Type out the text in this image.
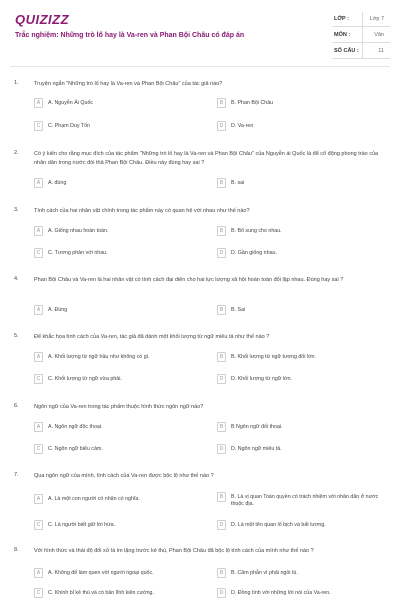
QUIZIZZ
Trắc nghiệm: Những trò lố hay là Va-ren và Phan Bội Châu có đáp án
LỚP :	Lớp 7
MÔN :	Văn
SỐ CÂU :	11
1.	Truyện ngắn "Những trò lố hay là Va-ren và Phan Bội Châu" của tác giả nào?
A	A. Nguyễn Ái Quốc	B	B. Phan Bội Châu
C	C. Phạm Duy Tốn	D	D. Va-ren
2.	Có ý kiến cho rằng mục đích của tác phẩm "Những trò lố hay là Va-ren và Phan Bội Châu" của Nguyễn ái Quốc là để cổ động phong trào của nhân dân trong nước đòi thả Phan Bội Châu. Điều này đúng hay sai ?
A	A. đúng	B	B. sai
3.	Tính cách của hai nhân vật chính trong tác phẩm này có quan hệ với nhau như thế nào?
A	A. Giống nhau hoàn toàn.	B	B. Bổ sung cho nhau.
C	C. Tương phản với nhau.	D	D. Gần giống nhau.
4.	Phan Bội Châu và Va-ren là hai nhân vật có tính cách đại diện cho hai lực lượng xã hội hoàn toàn đối lập nhau. Đúng hay sai ?
A	A. Đúng	B	B. Sai
5.	Để khắc họa tính cách của Va-ren, tác giả đã dành một khối lượng từ ngữ miêu tả như thế nào ?
A	A. Khối lượng từ ngữ hầu như không có gì.	B	B. Khối lượng từ ngữ tương đối lớn.
C	C. Khối lượng từ ngữ vừa phải.	D	D. Khối lượng từ ngữ lớn.
6.	Ngôn ngữ của Va-ren trong tác phẩm thuộc hình thức ngôn ngữ nào?
A	A. Ngôn ngữ độc thoại.	B	B Ngôn ngữ đối thoại.
C	C. Ngôn ngữ biểu cảm.	D	D. Ngôn ngữ miêu tả.
7.	Qua ngôn ngữ của mình, tính cách của Va-ren được bộc lộ như thế nào ?
A	A. Là một con người có nhân có nghĩa.	B	B. Là vị quan Toàn quyền có trách nhiệm với nhân dân ở nước thuộc địa.
C	C. Là người biết giữ lời hứa.	D	D. Là một tên quan lố bịch và bất lương.
8.	Với hình thức và thái độ đối xử là im lặng trước kẻ thù, Phan Bội Châu đã bộc lộ tính cách của mình như thế nào ?
A	A. Không để làm quen với người ngoại quốc.	B	B. Căm phẫn vì phải ngồi tù.
C	C. Khinh bỉ kẻ thù và có bản lĩnh kiên cường.	D	D. Đồng tình với những lời nói của Va-ren.
